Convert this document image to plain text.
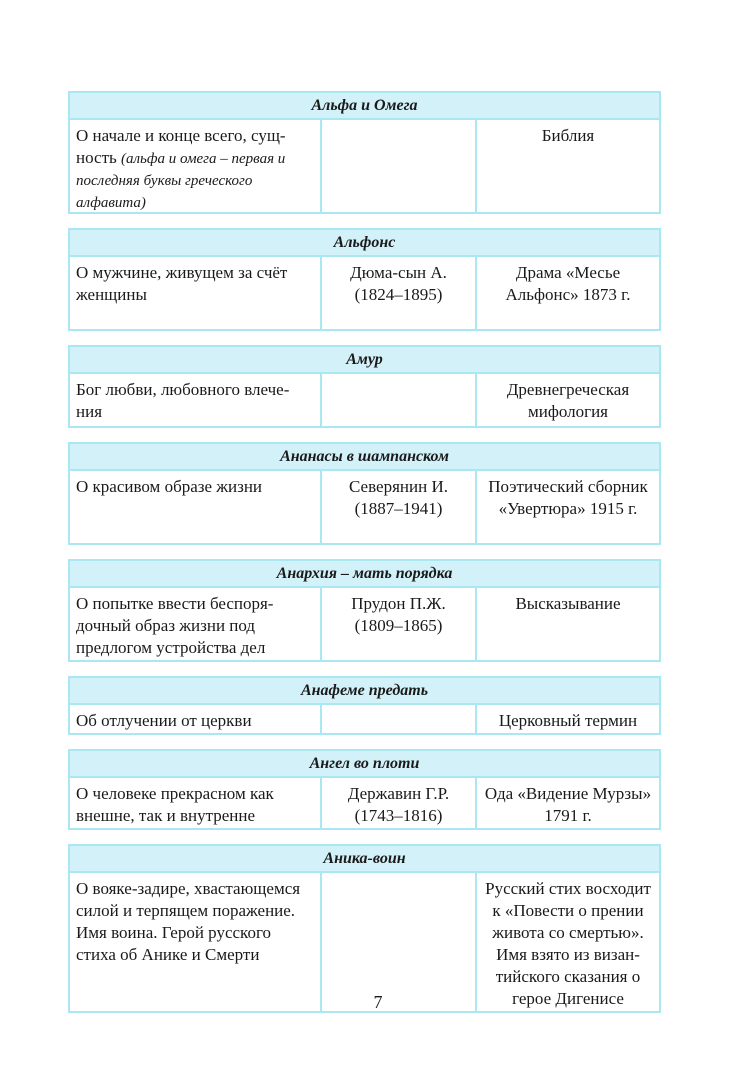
Альфа и Омега
О начале и конце всего, сущ-ность (альфа и омега – первая и последняя буквы греческого алфавита)
Библия
Альфонс
О мужчине, живущем за счёт женщины
Дюма-сын А. (1824–1895)
Драма «Месье Альфонс» 1873 г.
Амур
Бог любви, любовного влече-ния
Древнегреческая мифология
Ананасы в шампанском
О красивом образе жизни	Северянин И. (1887–1941)
Поэтический сборник «Увертюра» 1915 г.
Анархия – мать порядка
О попытке ввести беспоря-дочный образ жизни под предлогом устройства дел
Прудон П.Ж. (1809–1865)
Высказывание
Анафеме предать
Об отлучении от церкви	Церковный термин
Ангел во плоти
О человеке прекрасном как внешне, так и внутренне
Державин Г.Р. (1743–1816)
Ода «Видение Мурзы» 1791 г.
Аника-воин
О вояке-задире, хвастающемся силой и терпящем поражение. Имя воина. Герой русского стиха об Анике и Смерти
Русский стих восходит к «Повести о прении живота со смертью». Имя взято из визан-тийского сказания о герое Дигенисе
7
